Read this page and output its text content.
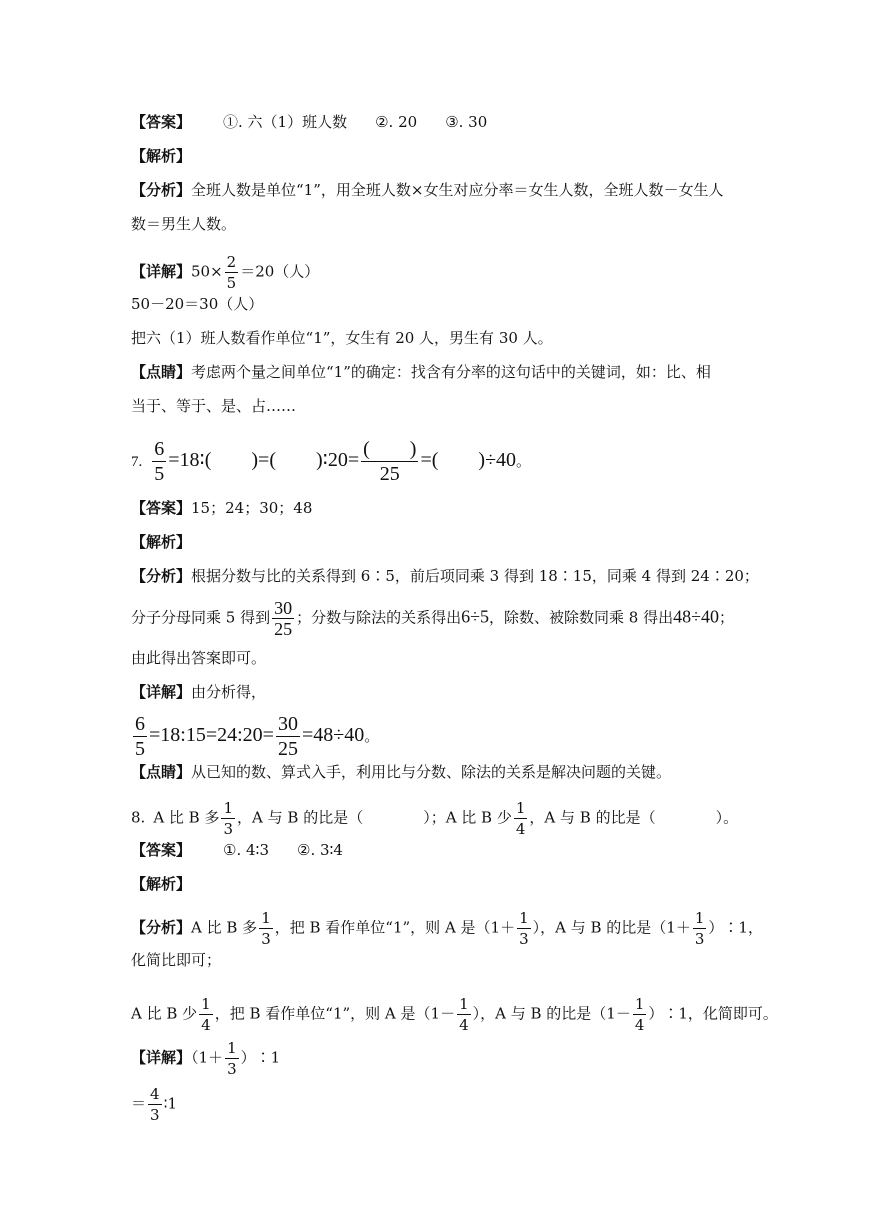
【答案】 ①. 六（1）班人数 ②. 20 ③. 30
【解析】
【分析】全班人数是单位“1”，用全班人数×女生对应分率＝女生人数，全班人数－女生人
数＝男生人数。
【详解】$50\times \frac{2}{5} =20$（人）
50－20＝30（人）
把六（1）班人数看作单位“1”，女生有 20 人，男生有 30 人。
【点睛】考虑两个量之间单位“1”的确定：找含有分率的这句话中的关键词，如：比、相
当于、等于、是、占……
7. $\frac{6}{5}$ =18∶(　　)=(　　)∶20= $\frac{( )}{25}$ =(　　)÷40。
【答案】15；24；30；48
【解析】
【分析】根据分数与比的关系得到 6∶5，前后项同乘 3 得到 18∶15，同乘 4 得到 24∶20；
分子分母同乘 5 得到 $\frac{30}{25}$ ；分数与除法的关系得出6÷5，除数、被除数同乘 8 得出48÷40；
由此得出答案即可。
【详解】由分析得，
$\frac{6}{5}$ =18:15=24:20= $\frac{30}{25} =48\div 40$。
【点睛】从已知的数、算式入手，利用比与分数、除法的关系是解决问题的关键。
8. A 比 B 多 $\frac{1}{3}$ ，A 与 B 的比是（　　　　）；A 比 B 少 $\frac{1}{4}$ ，A 与 B 的比是（　　　　）。
【答案】 ①. 4∶3 ②. 3∶4
【解析】
【分析】A 比 B 多 $\frac{1}{3}$ ，把 B 看作单位“1”，则 A 是（$1+ \frac{1}{3}$ ），A 与 B 的比是（$1+ \frac{1}{3}$ ）∶1，
化简比即可；
A 比 B 少 $\frac{1}{4}$ ，把 B 看作单位“1”，则 A 是（$1- \frac{1}{4}$ ），A 与 B 的比是（$1- \frac{1}{4}$ ）∶1，化简即可。
【详解】（$1+ \frac{1}{3}$ ）∶1
＝ $\frac{4}{3}$ ∶1
